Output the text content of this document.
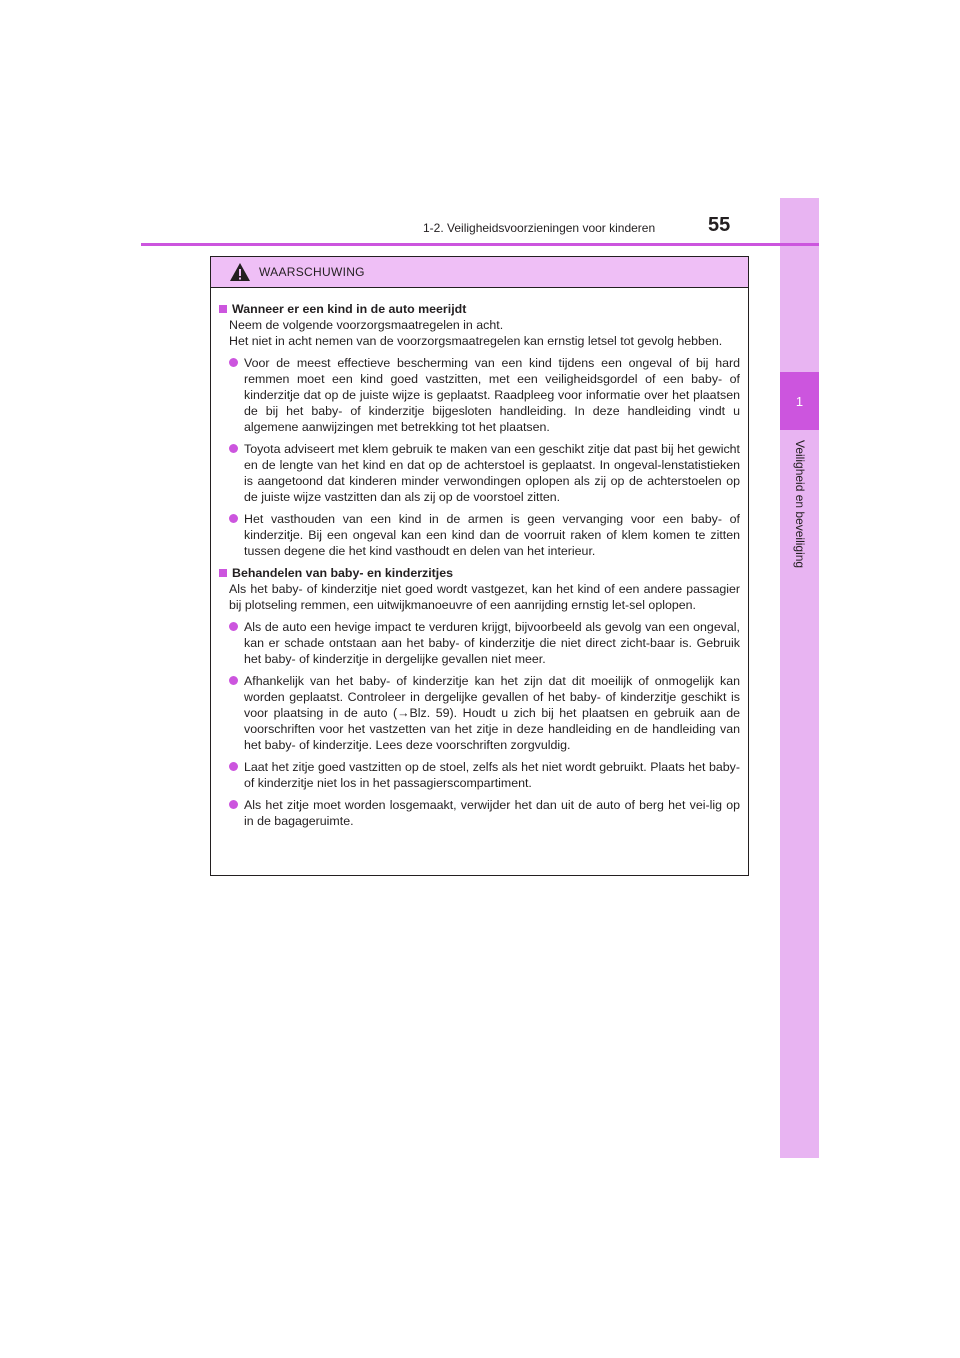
1
Veiligheid en beveiliging
1-2. Veiligheidsvoorzieningen voor kinderen	55
WAARSCHUWING
Wanneer er een kind in de auto meerijdt
Neem de volgende voorzorgsmaatregelen in acht.
Het niet in acht nemen van de voorzorgsmaatregelen kan ernstig letsel tot gevolg hebben.
Voor de meest effectieve bescherming van een kind tijdens een ongeval of bij hard remmen moet een kind goed vastzitten, met een veiligheidsgordel of een baby- of kinderzitje dat op de juiste wijze is geplaatst. Raadpleeg voor informatie over het plaatsen de bij het baby- of kinderzitje bijgesloten handleiding. In deze handleiding vindt u algemene aanwijzingen met betrekking tot het plaatsen.
Toyota adviseert met klem gebruik te maken van een geschikt zitje dat past bij het gewicht en de lengte van het kind en dat op de achterstoel is geplaatst. In ongeval-lenstatistieken is aangetoond dat kinderen minder verwondingen oplopen als zij op de achterstoelen op de juiste wijze vastzitten dan als zij op de voorstoel zitten.
Het vasthouden van een kind in de armen is geen vervanging voor een baby- of kinderzitje. Bij een ongeval kan een kind dan de voorruit raken of klem komen te zitten tussen degene die het kind vasthoudt en delen van het interieur.
Behandelen van baby- en kinderzitjes
Als het baby- of kinderzitje niet goed wordt vastgezet, kan het kind of een andere passagier bij plotseling remmen, een uitwijkmanoeuvre of een aanrijding ernstig let-sel oplopen.
Als de auto een hevige impact te verduren krijgt, bijvoorbeeld als gevolg van een ongeval, kan er schade ontstaan aan het baby- of kinderzitje die niet direct zicht-baar is. Gebruik het baby- of kinderzitje in dergelijke gevallen niet meer.
Afhankelijk van het baby- of kinderzitje kan het zijn dat dit moeilijk of onmogelijk kan worden geplaatst. Controleer in dergelijke gevallen of het baby- of kinderzitje geschikt is voor plaatsing in de auto (→Blz. 59). Houdt u zich bij het plaatsen en gebruik aan de voorschriften voor het vastzetten van het zitje in deze handleiding en de handleiding van het baby- of kinderzitje. Lees deze voorschriften zorgvuldig.
Laat het zitje goed vastzitten op de stoel, zelfs als het niet wordt gebruikt. Plaats het baby- of kinderzitje niet los in het passagierscompartiment.
Als het zitje moet worden losgemaakt, verwijder het dan uit de auto of berg het vei-lig op in de bagageruimte.
